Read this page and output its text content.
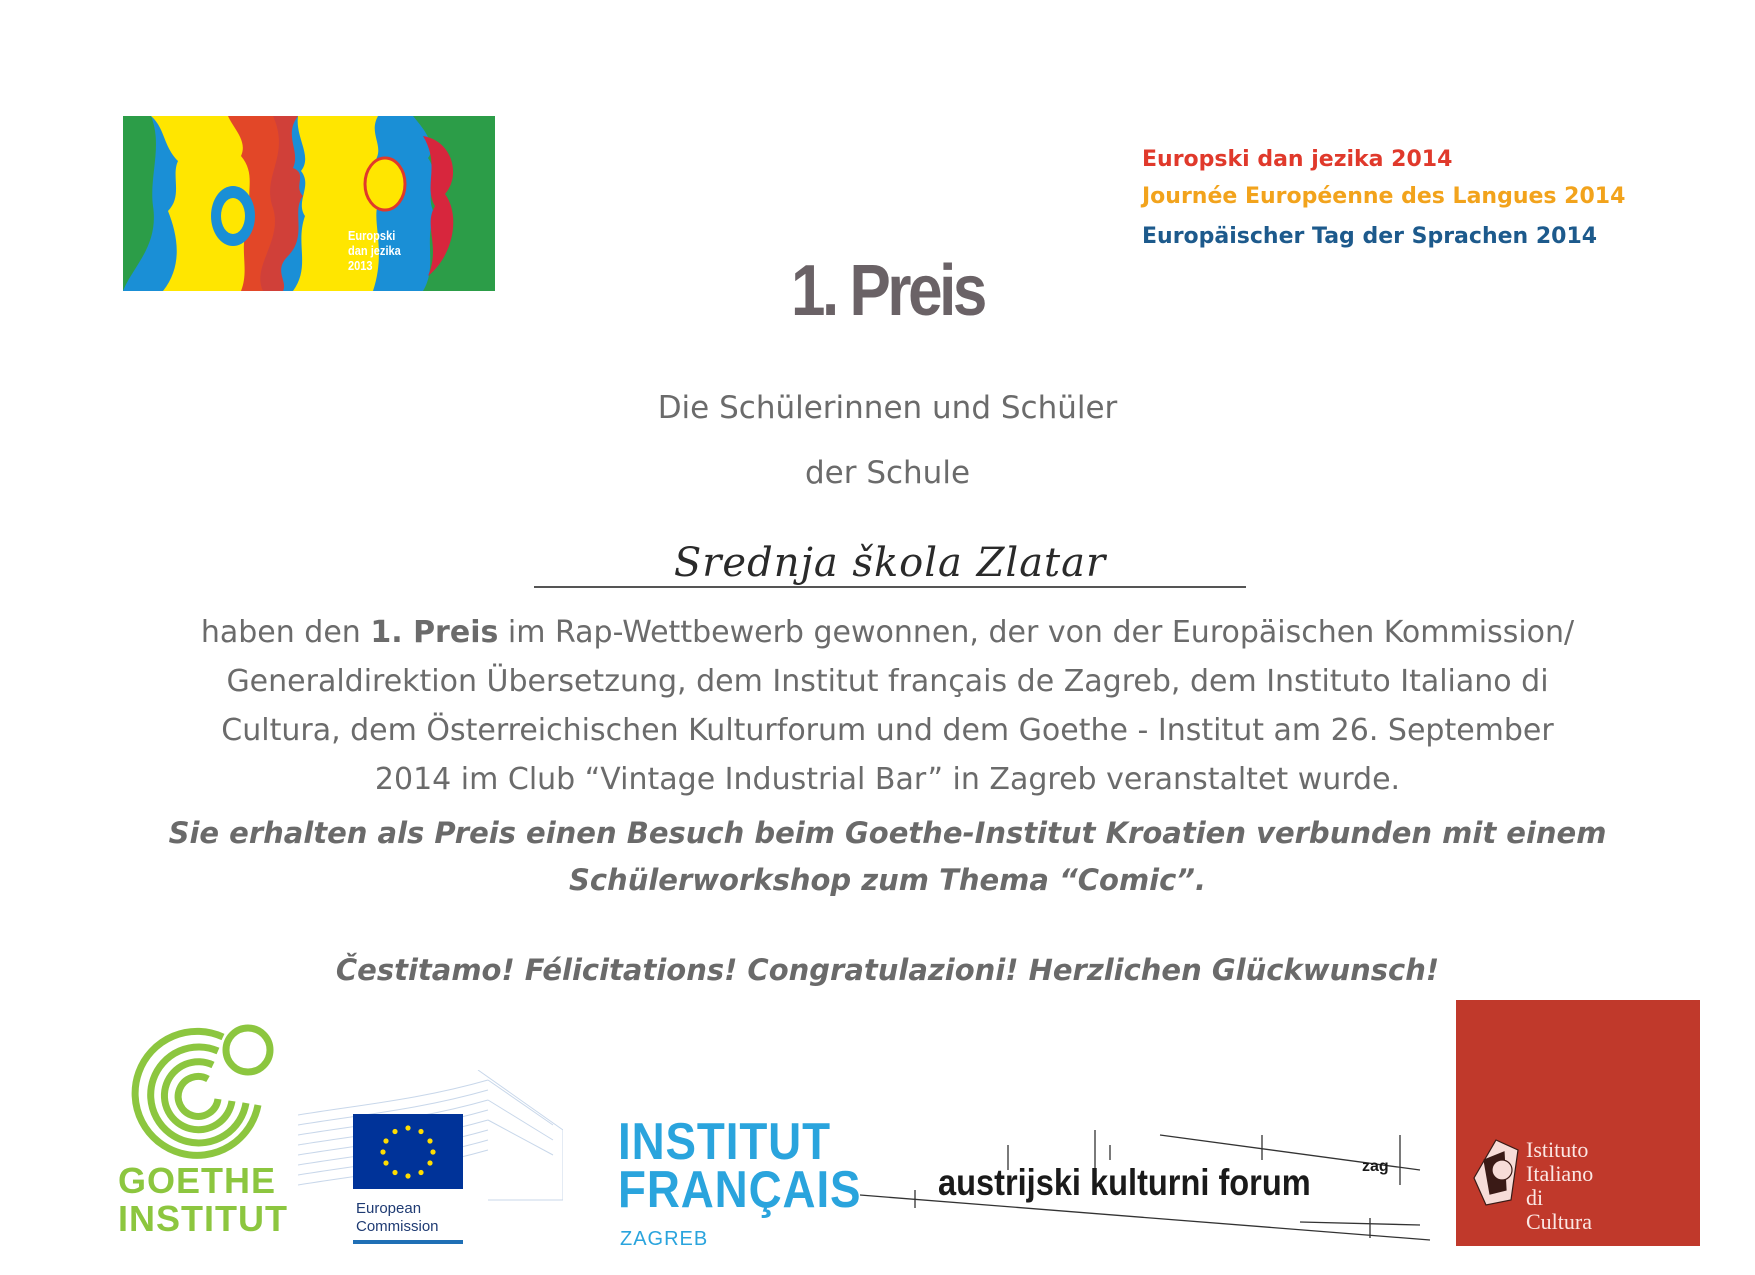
Europski
dan jezika
2013
Europski dan jezika 2014
Journée Européenne des Langues 2014
Europäischer Tag der Sprachen 2014
1. Preis
Die Schülerinnen und Schüler
der Schule
Srednja škola Zlatar
haben den 1. Preis im Rap-Wettbewerb gewonnen, der von der Europäischen Kommission/
Generaldirektion Übersetzung, dem Institut français de Zagreb, dem Instituto Italiano di
Cultura, dem Österreichischen Kulturforum und dem Goethe - Institut am 26. September
2014 im Club “Vintage Industrial Bar” in Zagreb veranstaltet wurde.
Sie erhalten als Preis einen Besuch beim Goethe-Institut Kroatien verbunden mit einem
Schülerworkshop zum Thema “Comic”.
Čestitamo! Félicitations! Congratulazioni! Herzlichen Glückwunsch!
GOETHE
INSTITUT	European
Commission
INSTITUT
FRANÇAIS
ZAGREB
austrijski kulturni forum	zag
Istituto
Italiano
di
Cultura
